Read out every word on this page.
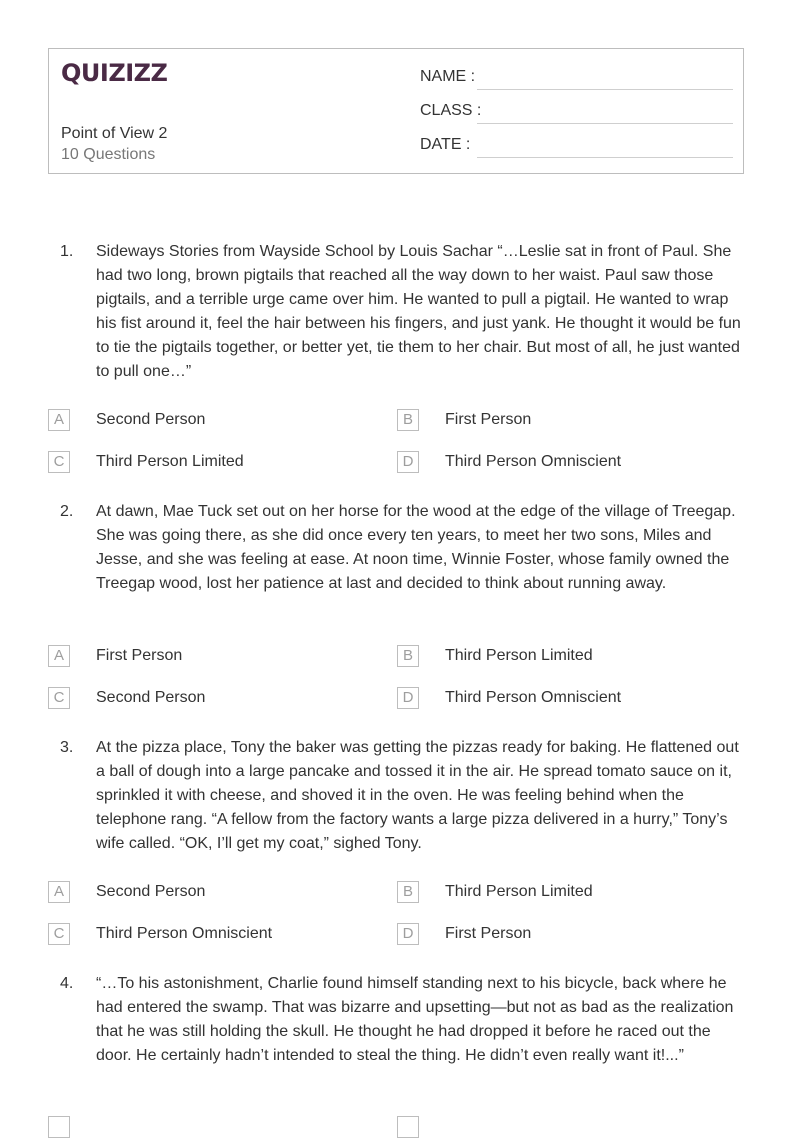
QUIZIZZ
Point of View 2
10 Questions
NAME :
CLASS :
DATE :
1. Sideways Stories from Wayside School by Louis Sachar “…Leslie sat in front of Paul. She had two long, brown pigtails that reached all the way down to her waist. Paul saw those pigtails, and a terrible urge came over him. He wanted to pull a pigtail. He wanted to wrap his fist around it, feel the hair between his fingers, and just yank. He thought it would be fun to tie the pigtails together, or better yet, tie them to her chair. But most of all, he just wanted to pull one…”
A	Second Person	B	First Person
C	Third Person Limited	D	Third Person Omniscient
2. At dawn, Mae Tuck set out on her horse for the wood at the edge of the village of Treegap. She was going there, as she did once every ten years, to meet her two sons, Miles and Jesse, and she was feeling at ease. At noon time, Winnie Foster, whose family owned the Treegap wood, lost her patience at last and decided to think about running away.
A	First Person	B	Third Person Limited
C	Second Person	D	Third Person Omniscient
3. At the pizza place, Tony the baker was getting the pizzas ready for baking. He flattened out a ball of dough into a large pancake and tossed it in the air. He spread tomato sauce on it, sprinkled it with cheese, and shoved it in the oven. He was feeling behind when the telephone rang. “A fellow from the factory wants a large pizza delivered in a hurry,” Tony’s wife called. “OK, I’ll get my coat,” sighed Tony.
A	Second Person	B	Third Person Limited
C	Third Person Omniscient	D	First Person
4. “…To his astonishment, Charlie found himself standing next to his bicycle, back where he had entered the swamp. That was bizarre and upsetting—but not as bad as the realization that he was still holding the skull. He thought he had dropped it before he raced out the door. He certainly hadn’t intended to steal the thing. He didn’t even really want it!...”
